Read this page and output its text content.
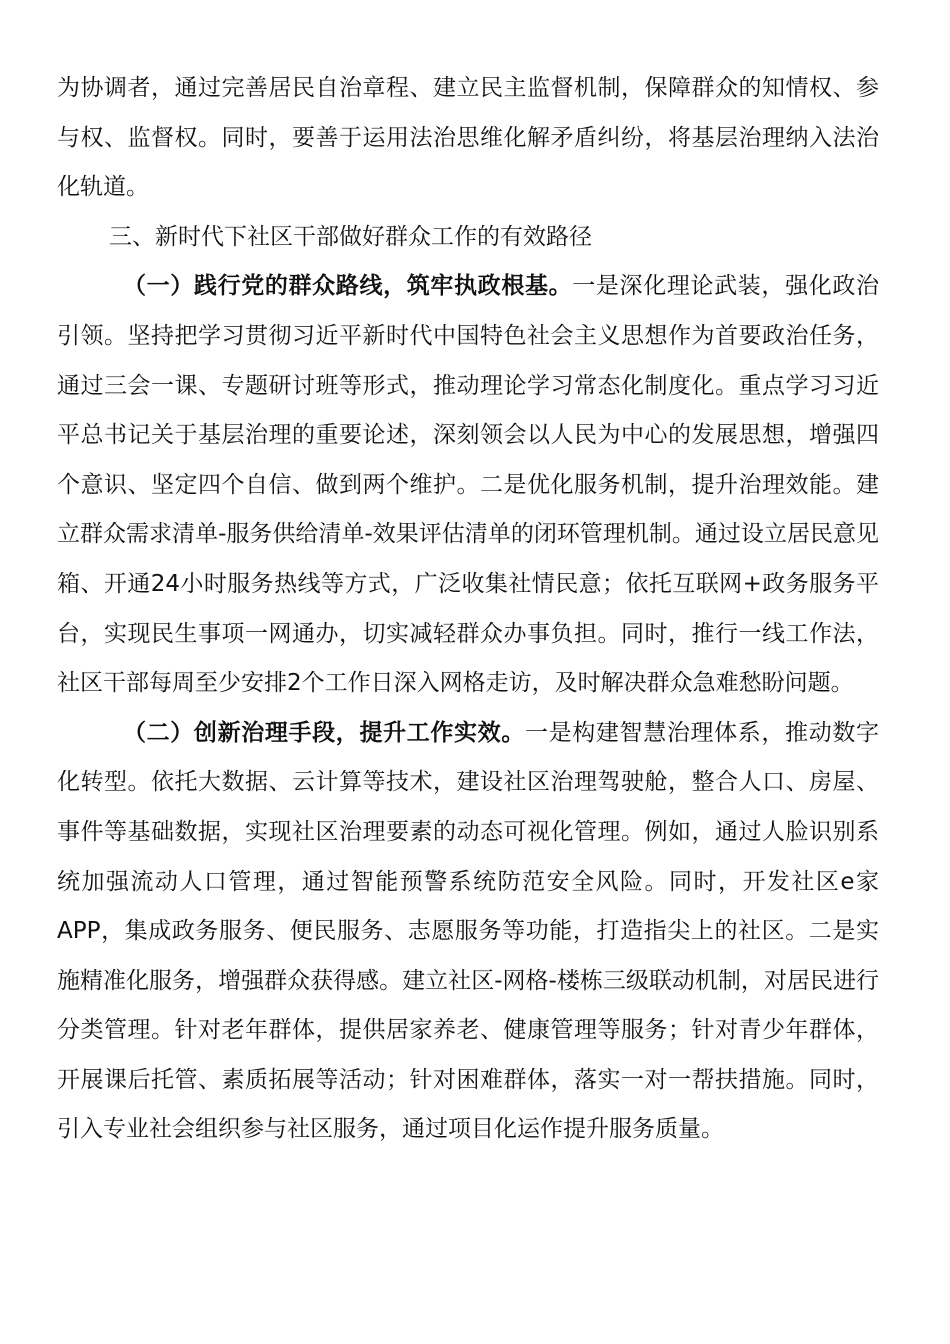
为协调者，通过完善居民自治章程、建立民主监督机制，保障群众的知情权、参与权、监督权。同时，要善于运用法治思维化解矛盾纠纷，将基层治理纳入法治化轨道。

三、新时代下社区干部做好群众工作的有效路径

（一）践行党的群众路线，筑牢执政根基。一是深化理论武装，强化政治引领。坚持把学习贯彻习近平新时代中国特色社会主义思想作为首要政治任务，通过三会一课、专题研讨班等形式，推动理论学习常态化制度化。重点学习习近平总书记关于基层治理的重要论述，深刻领会以人民为中心的发展思想，增强四个意识、坚定四个自信、做到两个维护。二是优化服务机制，提升治理效能。建立群众需求清单-服务供给清单-效果评估清单的闭环管理机制。通过设立居民意见箱、开通24小时服务热线等方式，广泛收集社情民意；依托互联网+政务服务平台，实现民生事项一网通办，切实减轻群众办事负担。同时，推行一线工作法，社区干部每周至少安排2个工作日深入网格走访，及时解决群众急难愁盼问题。

（二）创新治理手段，提升工作实效。一是构建智慧治理体系，推动数字化转型。依托大数据、云计算等技术，建设社区治理驾驶舱，整合人口、房屋、事件等基础数据，实现社区治理要素的动态可视化管理。例如，通过人脸识别系统加强流动人口管理，通过智能预警系统防范安全风险。同时，开发社区e家APP，集成政务服务、便民服务、志愿服务等功能，打造指尖上的社区。二是实施精准化服务，增强群众获得感。建立社区-网格-楼栋三级联动机制，对居民进行分类管理。针对老年群体，提供居家养老、健康管理等服务；针对青少年群体，开展课后托管、素质拓展等活动；针对困难群体，落实一对一帮扶措施。同时，引入专业社会组织参与社区服务，通过项目化运作提升服务质量。
